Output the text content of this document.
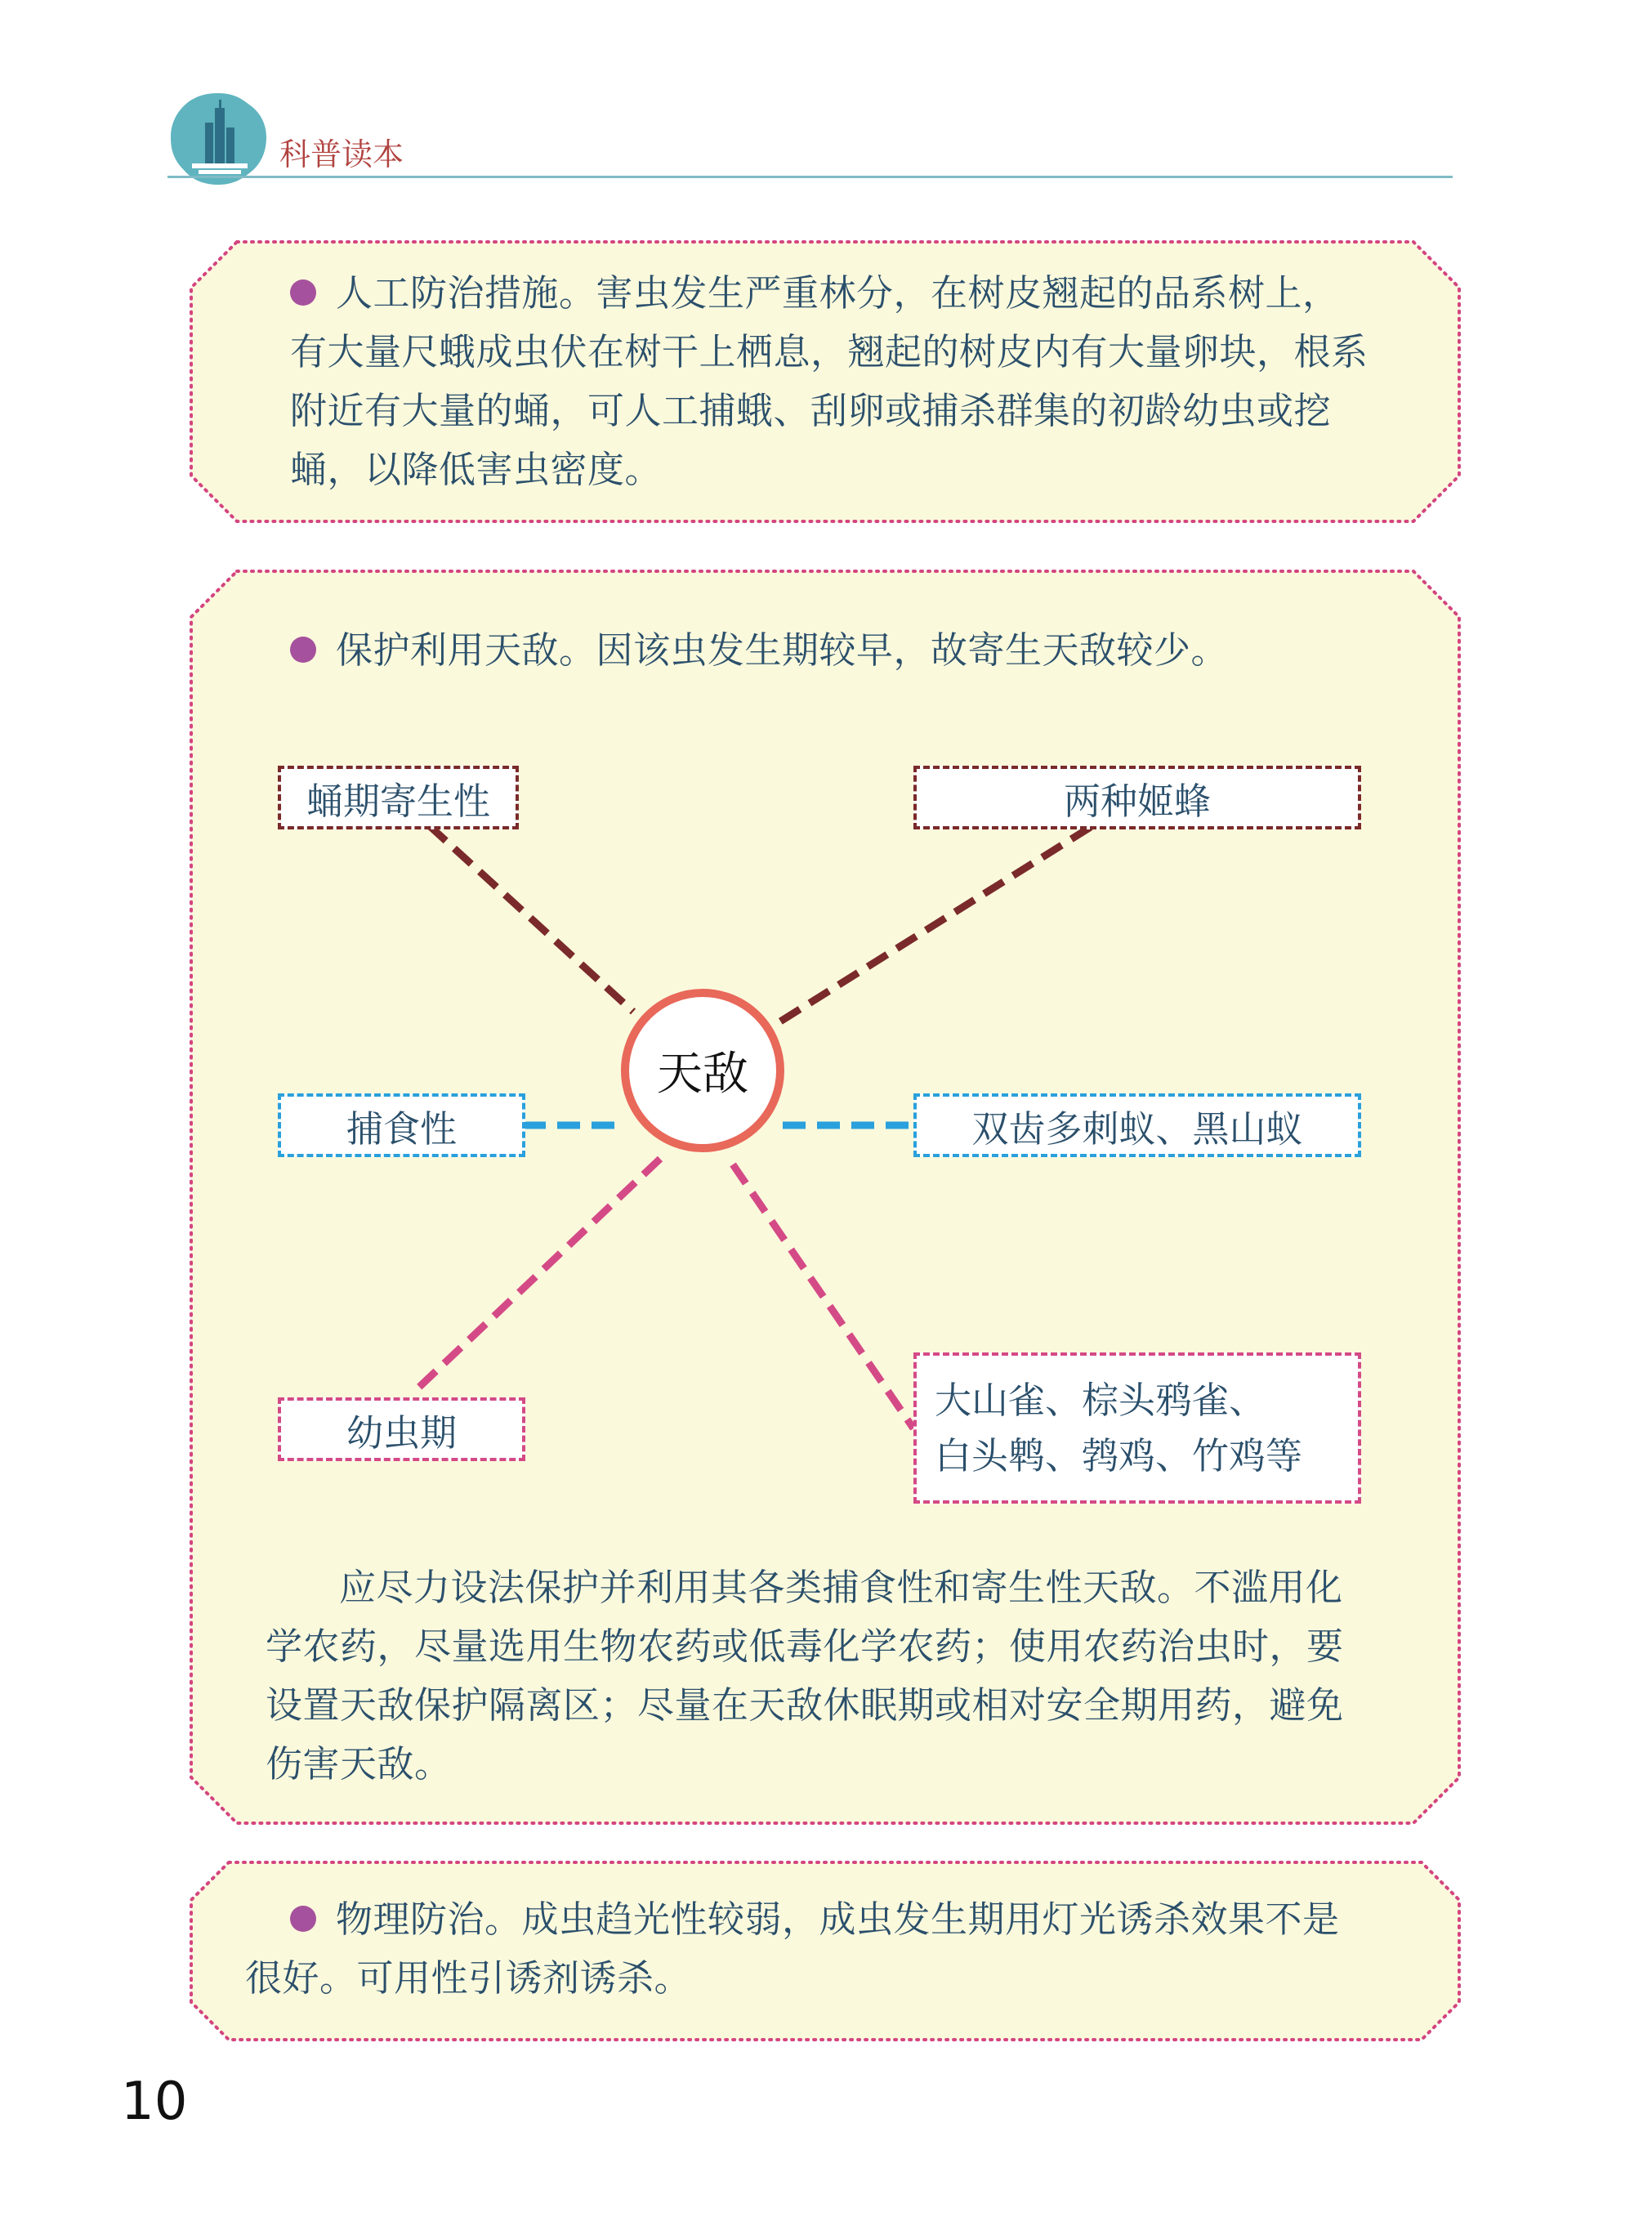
科普读本
人工防治措施。害虫发生严重林分，在树皮翘起的品系树上，
有大量尺蛾成虫伏在树干上栖息，翘起的树皮内有大量卵块，根系
附近有大量的蛹，可人工捕蛾、刮卵或捕杀群集的初龄幼虫或挖
蛹，以降低害虫密度。
保护利用天敌。因该虫发生期较早，故寄生天敌较少。
应尽力设法保护并利用其各类捕食性和寄生性天敌。不滥用化
学农药，尽量选用生物农药或低毒化学农药；使用农药治虫时，要
设置天敌保护隔离区；尽量在天敌休眠期或相对安全期用药，避免
伤害天敌。
蛹期寄生性	两种姬蜂
捕食性	双齿多刺蚁、黑山蚁
幼虫期
大山雀、棕头鸦雀、
白头鹎、鹁鸡、竹鸡等
天敌
物理防治。成虫趋光性较弱，成虫发生期用灯光诱杀效果不是
很好。可用性引诱剂诱杀。
10
